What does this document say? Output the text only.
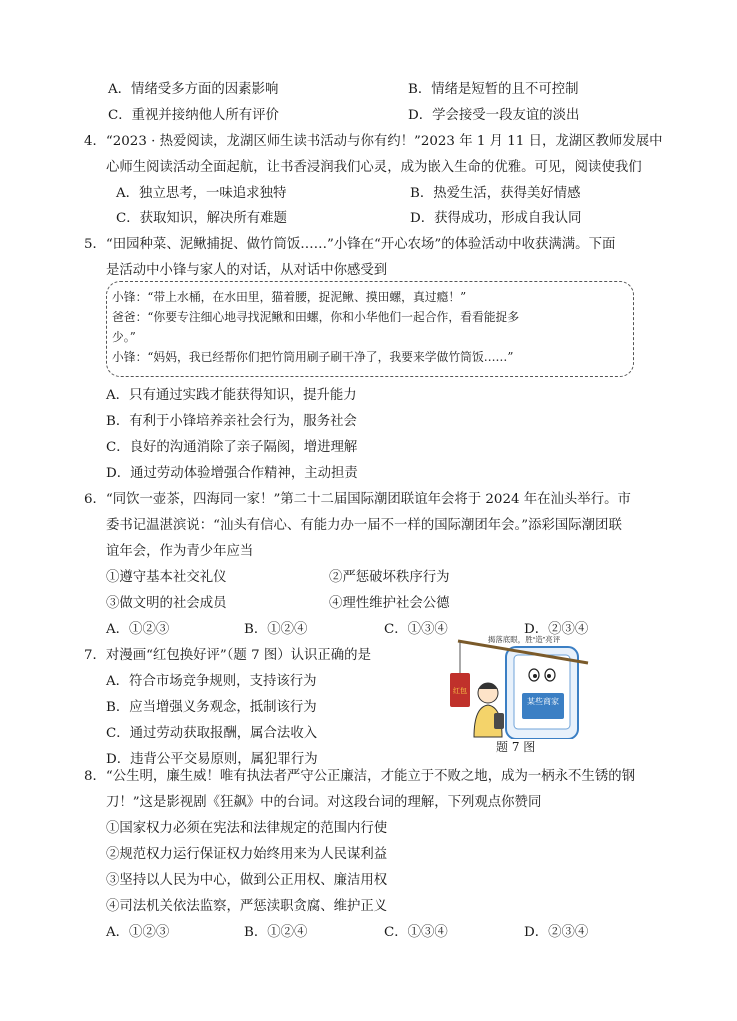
A．情绪受多方面的因素影响	B．情绪是短暂的且不可控制
C．重视并接纳他人所有评价	D．学会接受一段友谊的淡出
4．“2023 · 热爱阅读，龙湖区师生读书活动与你有约！”2023 年 1 月 11 日，龙湖区教师发展中
心师生阅读活动全面起航，让书香浸润我们心灵，成为嵌入生命的优雅。可见，阅读使我们
A．独立思考，一味追求独特	B．热爱生活，获得美好情感
C．获取知识，解决所有难题	D．获得成功，形成自我认同
5．“田园种菜、泥鳅捕捉、做竹筒饭……”小锋在“开心农场”的体验活动中收获满满。下面
是活动中小锋与家人的对话，从对话中你感受到
小锋：“带上水桶，在水田里，猫着腰，捉泥鳅、摸田螺，真过瘾！”
爸爸：“你要专注细心地寻找泥鳅和田螺，你和小华他们一起合作，看看能捉多
少。”
小锋：“妈妈，我已经帮你们把竹筒用刷子刷干净了，我要来学做竹筒饭……”
A．只有通过实践才能获得知识，提升能力
B．有利于小锋培养亲社会行为，服务社会
C．良好的沟通消除了亲子隔阂，增进理解
D．通过劳动体验增强合作精神，主动担责
6．“同饮一壶茶，四海同一家！”第二十二届国际潮团联谊年会将于 2024 年在汕头举行。市
委书记温湛滨说：“汕头有信心、有能力办一届不一样的国际潮团年会。”添彩国际潮团联
谊年会，作为青少年应当
①遵守基本社交礼仪	②严惩破坏秩序行为
③做文明的社会成员	④理性维护社会公德
A．①②③	B．①②④	C．①③④	D．②③④
7．对漫画“红包换好评”（题 7 图）认识正确的是
A．符合市场竞争规则，支持该行为
B．应当增强义务观念，抵制该行为
C．通过劳动获取报酬，属合法收入
D．违背公平交易原则，属犯罪行为
揭落底眼，胜“造”亮评
某些商家
红包
题 7 图
8．“公生明，廉生威！唯有执法者严守公正廉洁，才能立于不败之地，成为一柄永不生锈的钢
刀！”这是影视剧《狂飙》中的台词。对这段台词的理解，下列观点你赞同
①国家权力必须在宪法和法律规定的范围内行使
②规范权力运行保证权力始终用来为人民谋利益
③坚持以人民为中心，做到公正用权、廉洁用权
④司法机关依法监察，严惩渎职贪腐、维护正义
A．①②③	B．①②④	C．①③④	D．②③④
